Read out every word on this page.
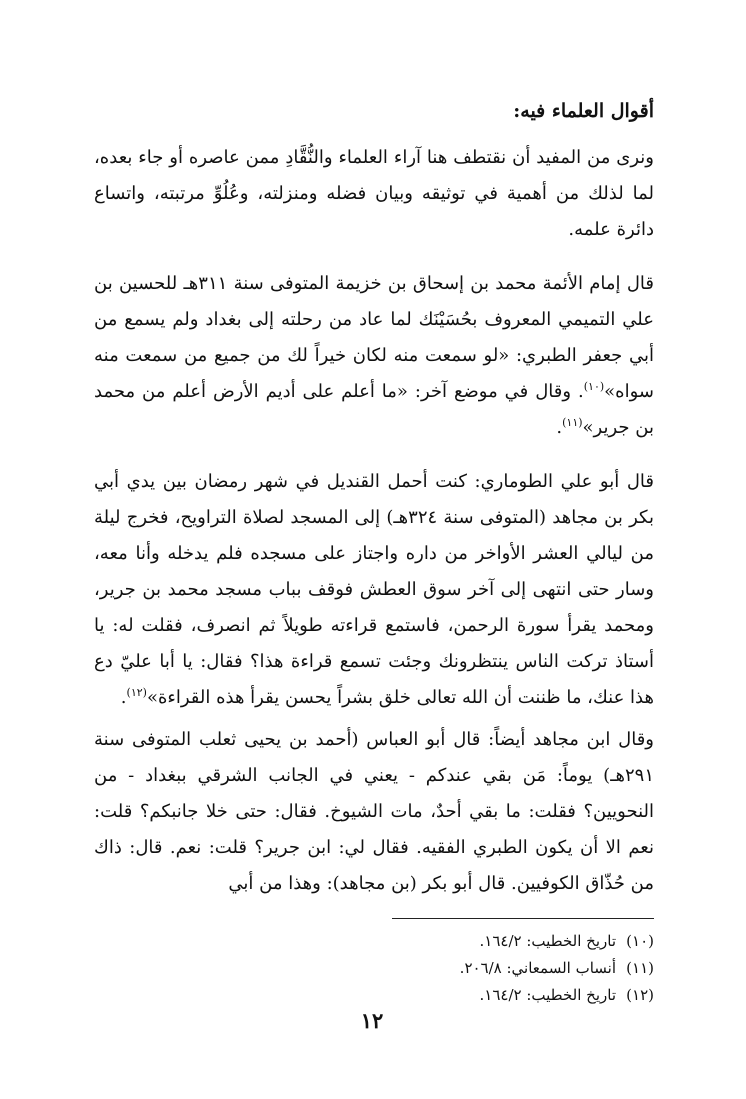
أقوال العلماء فيه:
ونرى من المفيد أن نقتطف هنا آراء العلماء والنُّقَّادِ ممن عاصره أو جاء بعده، لما لذلك من أهمية في توثيقه وبيان فضله ومنزلته، وعُلُوِّ مرتبته، واتساع دائرة علمه.
قال إمام الأئمة محمد بن إسحاق بن خزيمة المتوفى سنة ٣١١هـ للحسين بن علي التميمي المعروف بحُسَيْنَك لما عاد من رحلته إلى بغداد ولم يسمع من أبي جعفر الطبري: «لو سمعت منه لكان خيراً لك من جميع من سمعت منه سواه»$^{(١٠)}$. وقال في موضع آخر: «ما أعلم على أديم الأرض أعلم من محمد بن جرير»$^{(١١)}$.
قال أبو علي الطوماري: كنت أحمل القنديل في شهر رمضان بين يدي أبي بكر بن مجاهد (المتوفى سنة ٣٢٤هـ) إلى المسجد لصلاة التراويح، فخرج ليلة من ليالي العشر الأواخر من داره واجتاز على مسجده فلم يدخله وأنا معه، وسار حتى انتهى إلى آخر سوق العطش فوقف بباب مسجد محمد بن جرير، ومحمد يقرأ سورة الرحمن، فاستمع قراءته طويلاً ثم انصرف، فقلت له: يا أستاذ تركت الناس ينتظرونك وجئت تسمع قراءة هذا؟ فقال: يا أبا عليّ دع هذا عنك، ما ظننت أن الله تعالى خلق بشراً يحسن يقرأ هذه القراءة»$^{(١٢)}$.
وقال ابن مجاهد أيضاً: قال أبو العباس (أحمد بن يحيى ثعلب المتوفى سنة ٢٩١هـ) يوماً: مَن بقي عندكم - يعني في الجانب الشرقي ببغداد - من النحويين؟ فقلت: ما بقي أحدٌ، مات الشيوخ. فقال: حتى خلا جانبكم؟ قلت: نعم الا أن يكون الطبري الفقيه. فقال لي: ابن جرير؟ قلت: نعم. قال: ذاك من حُذّاق الكوفيين. قال أبو بكر (بن مجاهد): وهذا من أبي
(١٠)تاريخ الخطيب: ١٦٤/٢.
(١١)أنساب السمعاني: ٢٠٦/٨.
(١٢)تاريخ الخطيب: ١٦٤/٢.
١٢
